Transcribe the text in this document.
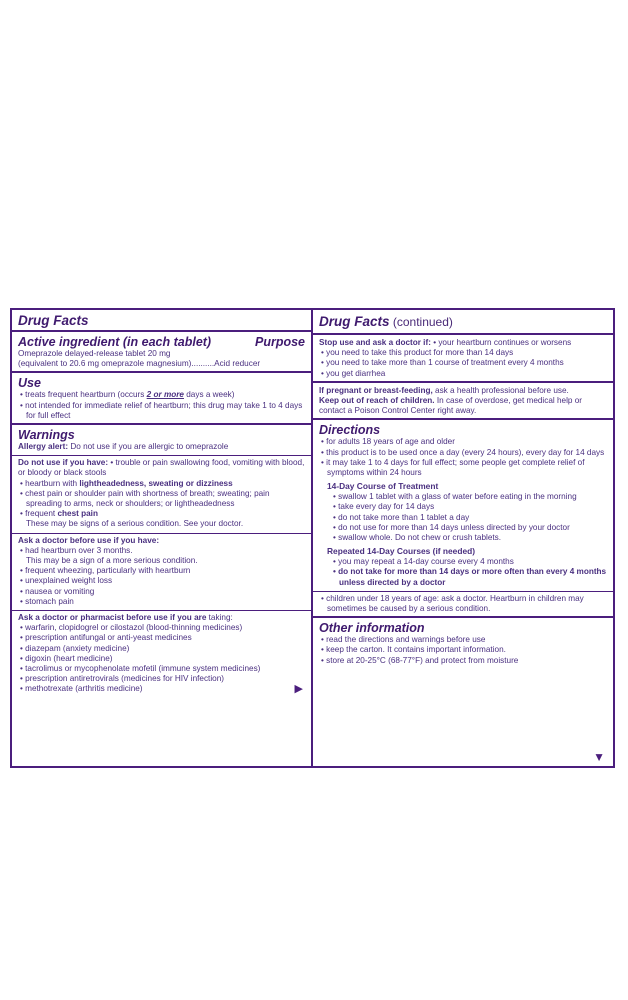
Drug Facts
Active ingredient (in each tablet)	Purpose
Omeprazole delayed-release tablet 20 mg
(equivalent to 20.6 mg omeprazole magnesium)..........Acid reducer
Use
• treats frequent heartburn (occurs 2 or more days a week)
• not intended for immediate relief of heartburn; this drug may take 1 to 4 days for full effect
Warnings
Allergy alert: Do not use if you are allergic to omeprazole
Do not use if you have: • trouble or pain swallowing food, vomiting with blood, or bloody or black stools
• heartburn with lightheadedness, sweating or dizziness
• chest pain or shoulder pain with shortness of breath; sweating; pain spreading to arms, neck or shoulders; or lightheadedness
• frequent chest pain
These may be signs of a serious condition. See your doctor.
Ask a doctor before use if you have:
• had heartburn over 3 months.
This may be a sign of a more serious condition.
• frequent wheezing, particularly with heartburn
• unexplained weight loss
• nausea or vomiting
• stomach pain
Ask a doctor or pharmacist before use if you are taking:
• warfarin, clopidogrel or cilostazol (blood-thinning medicines)
• prescription antifungal or anti-yeast medicines
• diazepam (anxiety medicine)
• digoxin (heart medicine)
• tacrolimus or mycophenolate mofetil (immune system medicines)
• prescription antiretrovirals (medicines for HIV infection)
• methotrexate (arthritis medicine)	▶
Drug Facts (continued)
Stop use and ask a doctor if: • your heartburn continues or worsens
• you need to take this product for more than 14 days
• you need to take more than 1 course of treatment every 4 months
• you get diarrhea
If pregnant or breast-feeding, ask a health professional before use.
Keep out of reach of children. In case of overdose, get medical help or contact a Poison Control Center right away.
Directions
• for adults 18 years of age and older
• this product is to be used once a day (every 24 hours), every day for 14 days
• it may take 1 to 4 days for full effect; some people get complete relief of symptoms within 24 hours
14-Day Course of Treatment
• swallow 1 tablet with a glass of water before eating in the morning
• take every day for 14 days
• do not take more than 1 tablet a day
• do not use for more than 14 days unless directed by your doctor
• swallow whole. Do not chew or crush tablets.
Repeated 14-Day Courses (if needed)
• you may repeat a 14-day course every 4 months
• do not take for more than 14 days or more often than every 4 months unless directed by a doctor
• children under 18 years of age: ask a doctor. Heartburn in children may sometimes be caused by a serious condition.
Other information
• read the directions and warnings before use
• keep the carton. It contains important information.
• store at 20-25°C (68-77°F) and protect from moisture
▼
